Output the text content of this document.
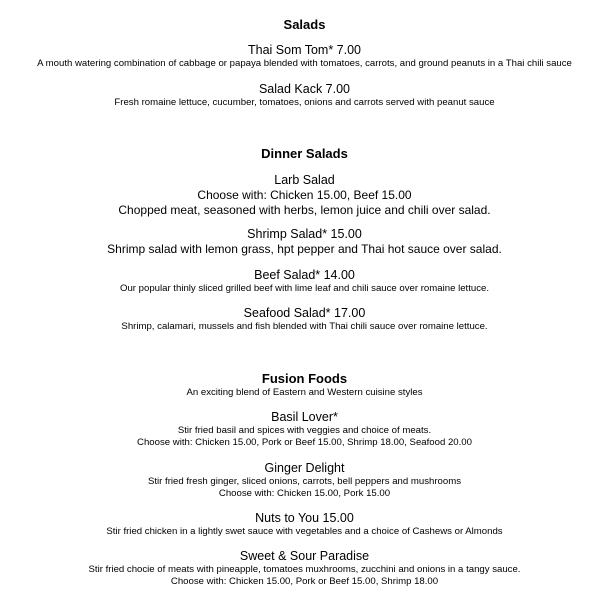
Salads

Thai Som Tom* 7.00

A mouth watering combination of cabbage or papaya blended with tomatoes, carrots, and ground peanuts in a Thai chili sauce

Salad Kack 7.00

Fresh romaine lettuce, cucumber, tomatoes, onions and carrots served with peanut sauce

Dinner Salads

Larb Salad

Choose with: Chicken 15.00, Beef 15.00

Chopped meat, seasoned with herbs, lemon juice and chili over salad.

Shrimp Salad* 15.00

Shrimp salad with lemon grass, hpt pepper and Thai hot sauce over salad.

Beef Salad* 14.00

Our popular thinly sliced grilled beef with lime leaf and chili sauce over romaine lettuce.

Seafood Salad* 17.00

Shrimp, calamari, mussels and fish blended with Thai chili sauce over romaine lettuce.

Fusion Foods

An exciting blend of Eastern and Western cuisine styles

Basil Lover*

Stir fried basil and spices with veggies and choice of meats.

Choose with: Chicken 15.00, Pork or Beef 15.00, Shrimp 18.00, Seafood 20.00

Ginger Delight

Stir fried fresh ginger, sliced onions, carrots, bell peppers and mushrooms

Choose with: Chicken 15.00, Pork 15.00

Nuts to You 15.00

Stir fried chicken in a lightly swet sauce with vegetables and a choice of Cashews or Almonds

Sweet & Sour Paradise

Stir fried chocie of meats with pineapple, tomatoes muxhrooms, zucchini and onions in a tangy sauce.

Choose with: Chicken 15.00, Pork or Beef 15.00, Shrimp 18.00
